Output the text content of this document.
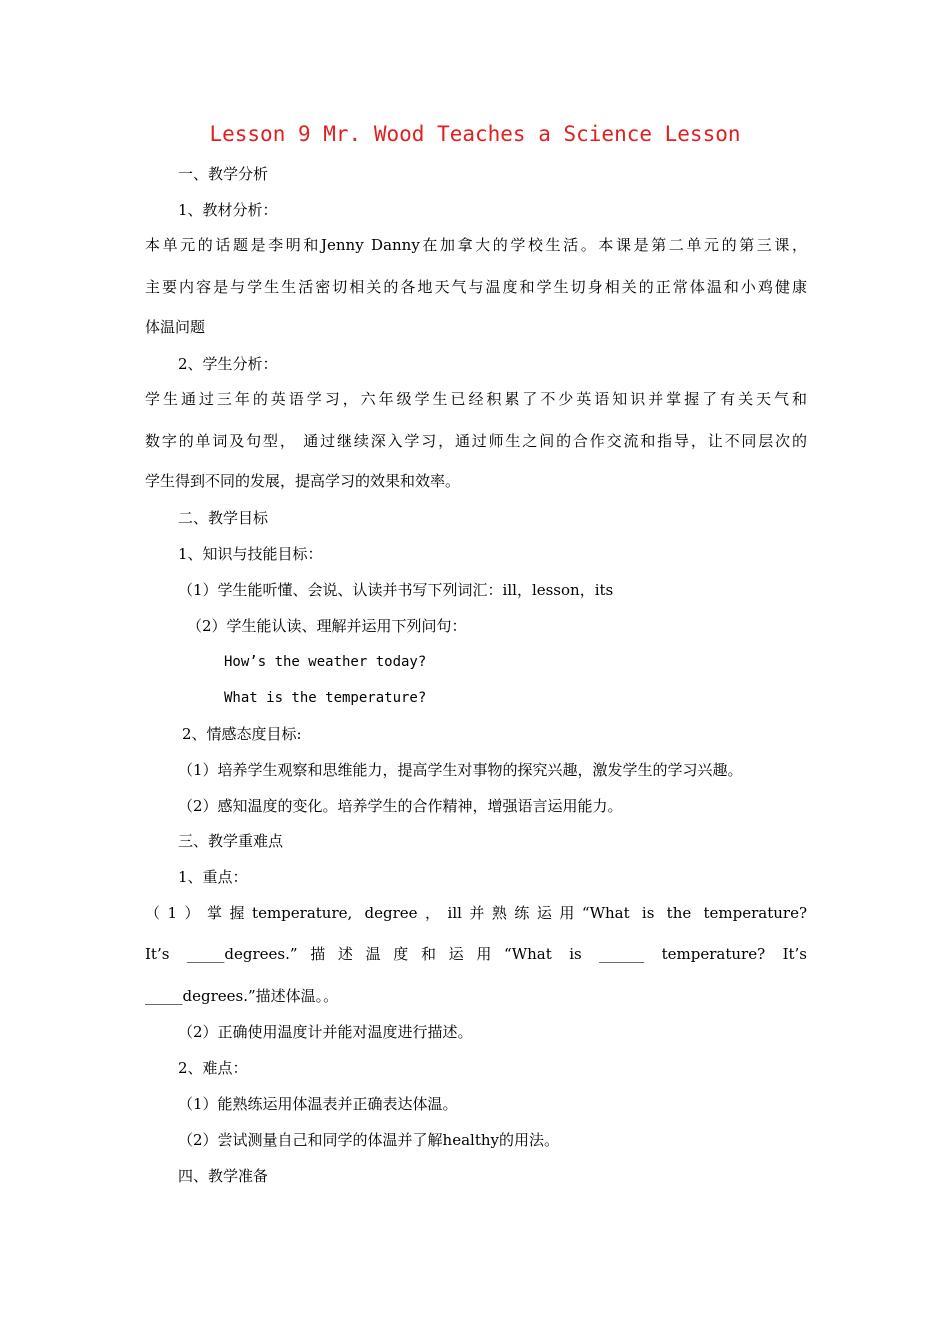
Lesson 9 Mr. Wood Teaches a Science Lesson
一、教学分析
1、教材分析：
本单元的话题是李明和Jenny Danny在加拿大的学校生活。本课是第二单元的第三课，
主要内容是与学生生活密切相关的各地天气与温度和学生切身相关的正常体温和小鸡健康
体温问题
2、学生分析：
学生通过三年的英语学习，六年级学生已经积累了不少英语知识并掌握了有关天气和
数字的单词及句型， 通过继续深入学习，通过师生之间的合作交流和指导，让不同层次的
学生得到不同的发展，提高学习的效果和效率。
二、教学目标
1、知识与技能目标：
（1）学生能听懂、会说、认读并书写下列词汇：ill，lesson，its
（2）学生能认读、理解并运用下列问句：
How’s the weather today?
What is the temperature?
2、情感态度目标:
（1）培养学生观察和思维能力，提高学生对事物的探究兴趣，激发学生的学习兴趣。
（2）感知温度的变化。培养学生的合作精神，增强语言运用能力。
三、教学重难点
1、重点：
（1）掌握temperature, degree，ill并熟练运用“What is the temperature?
It’s _____degrees.”描述温度和运用“What is ______ temperature? It’s
_____degrees.”描述体温。。
（2）正确使用温度计并能对温度进行描述。
2、难点：
（1）能熟练运用体温表并正确表达体温。
（2）尝试测量自己和同学的体温并了解healthy的用法。
四、教学准备
